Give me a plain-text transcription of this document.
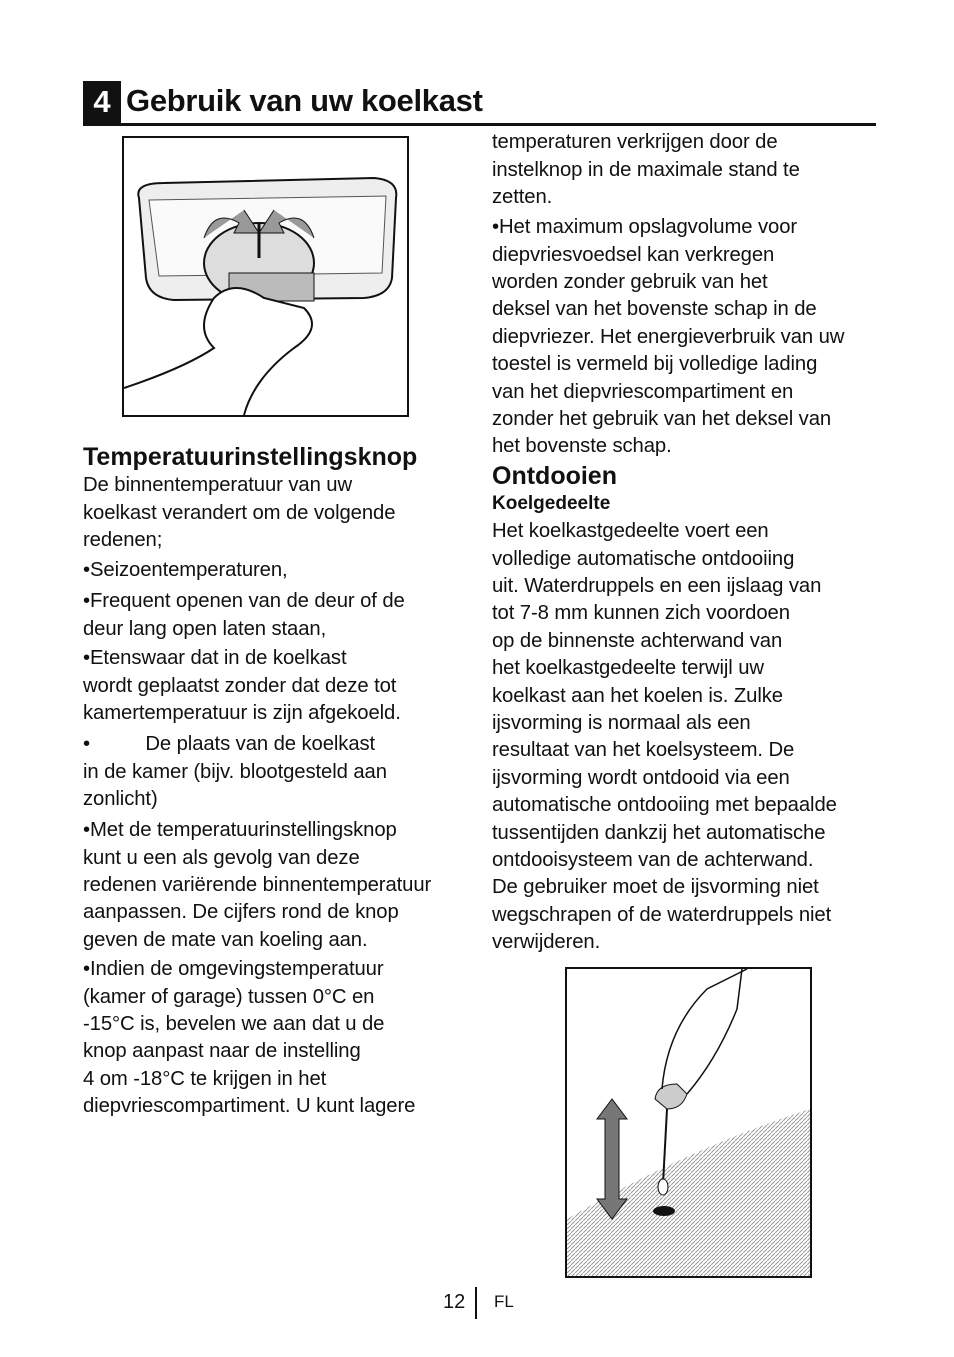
4 Gebruik van uw koelkast
Temperatuurinstellingsknop
De binnentemperatuur van uw
koelkast verandert om de volgende
redenen;
•Seizoentemperaturen,
•Frequent openen van de deur of de
deur lang open laten staan,
•Etenswaar dat in de koelkast
wordt geplaatst zonder dat deze tot
kamertemperatuur is zijn afgekoeld.
•          De plaats van de koelkast
in de kamer (bijv. blootgesteld aan
zonlicht)
•Met de temperatuurinstellingsknop
kunt u een als gevolg van deze
redenen variërende binnentemperatuur
aanpassen. De cijfers rond de knop
geven de mate van koeling aan.
•Indien de omgevingstemperatuur
(kamer of garage) tussen 0°C en
-15°C is, bevelen we aan dat u de
knop aanpast naar de instelling
4 om -18°C te krijgen in het
diepvriescompartiment. U kunt lagere
Ontdooien
Koelgedeelte
temperaturen verkrijgen door de
instelknop in de maximale stand te
zetten.
•Het maximum opslagvolume voor
diepvriesvoedsel kan verkregen
worden zonder gebruik van het
deksel van het bovenste schap in de
diepvriezer. Het energieverbruik van uw
toestel is vermeld bij volledige lading
van het diepvriescompartiment en
zonder het gebruik van het deksel van
het bovenste schap.
Het koelkastgedeelte voert een
volledige automatische ontdooiing
uit. Waterdruppels en een ijslaag van
tot 7-8 mm kunnen zich voordoen
op de binnenste achterwand van
het koelkastgedeelte terwijl uw
koelkast aan het koelen is. Zulke
ijsvorming is normaal als een
resultaat van het koelsysteem. De
ijsvorming wordt ontdooid via een
automatische ontdooiing met bepaalde
tussentijden dankzij het automatische
ontdooisysteem van de achterwand.
De gebruiker moet de ijsvorming niet
wegschrapen of de waterdruppels niet
verwijderen.
12 FL
